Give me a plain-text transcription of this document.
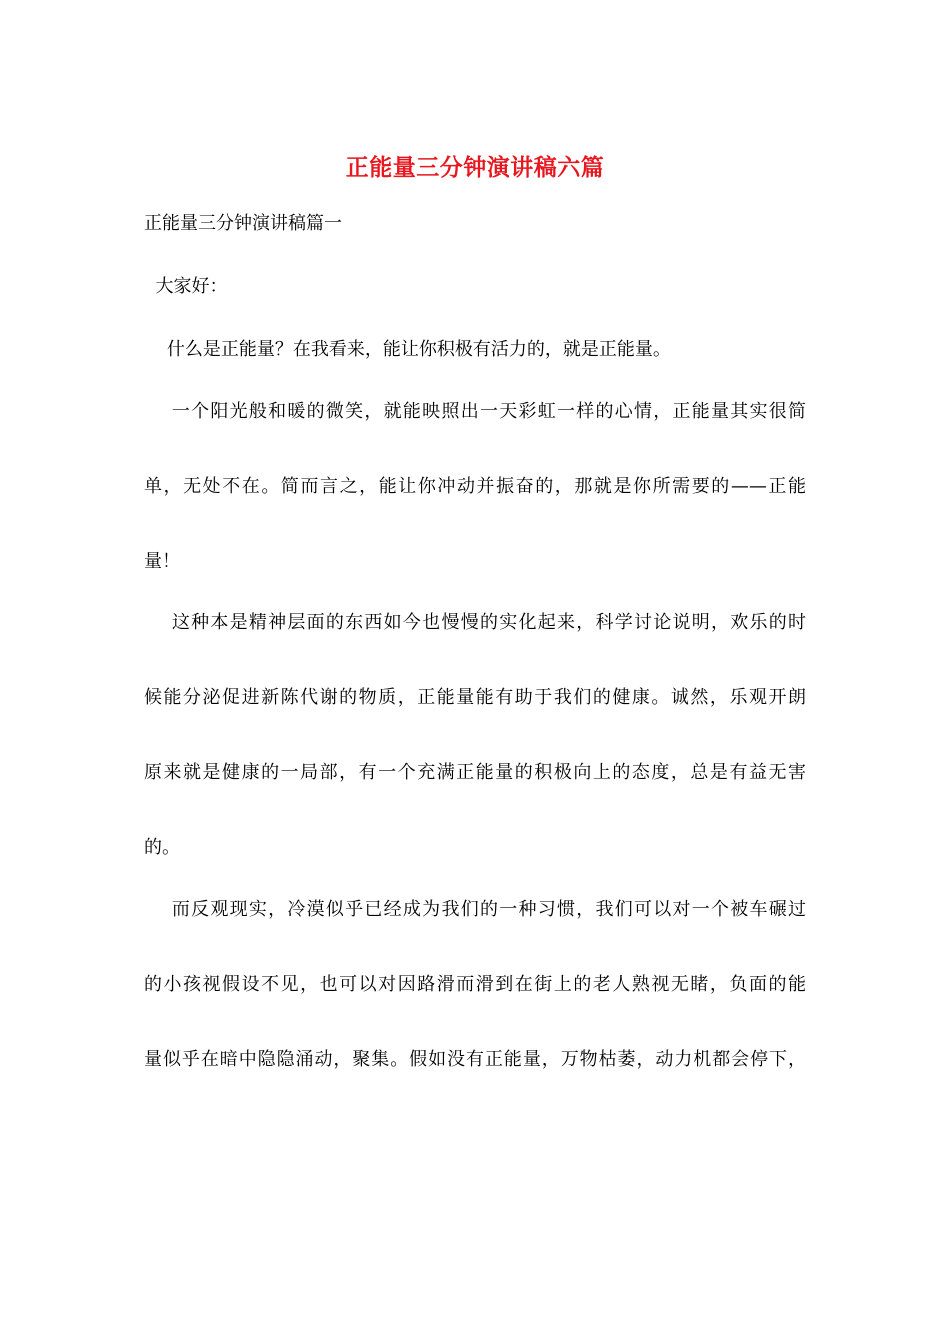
正能量三分钟演讲稿六篇
正能量三分钟演讲稿篇一
大家好：
什么是正能量？在我看来，能让你积极有活力的，就是正能量。
一个阳光般和暖的微笑，就能映照出一天彩虹一样的心情，正能量其实很简
单，无处不在。简而言之，能让你冲动并振奋的，那就是你所需要的——正能
量！
这种本是精神层面的东西如今也慢慢的实化起来，科学讨论说明，欢乐的时
候能分泌促进新陈代谢的物质，正能量能有助于我们的健康。诚然，乐观开朗
原来就是健康的一局部，有一个充满正能量的积极向上的态度，总是有益无害
的。
而反观现实，冷漠似乎已经成为我们的一种习惯，我们可以对一个被车碾过
的小孩视假设不见，也可以对因路滑而滑到在街上的老人熟视无睹，负面的能
量似乎在暗中隐隐涌动，聚集。假如没有正能量，万物枯萎，动力机都会停下，
